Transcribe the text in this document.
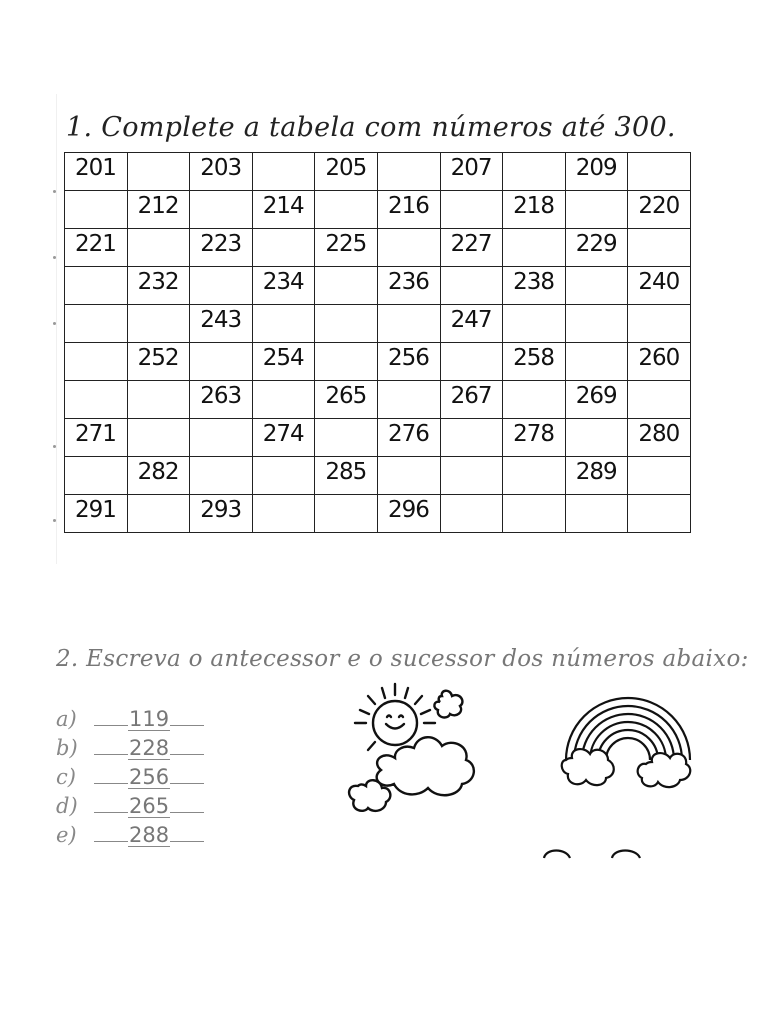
1. Complete a tabela com números até 300.
201		203		205		207		209	
	212		214		216		218		220
221		223		225		227		229	
	232		234		236		238		240
		243				247			
	252		254		256		258		260
		263		265		267		269	
271			274		276		278		280
	282			285				289	
291		293			296				
2. Escreva o antecessor e o sucessor dos números abaixo:
a)	119
b)	228
c)	256
d)	265
e)	288
